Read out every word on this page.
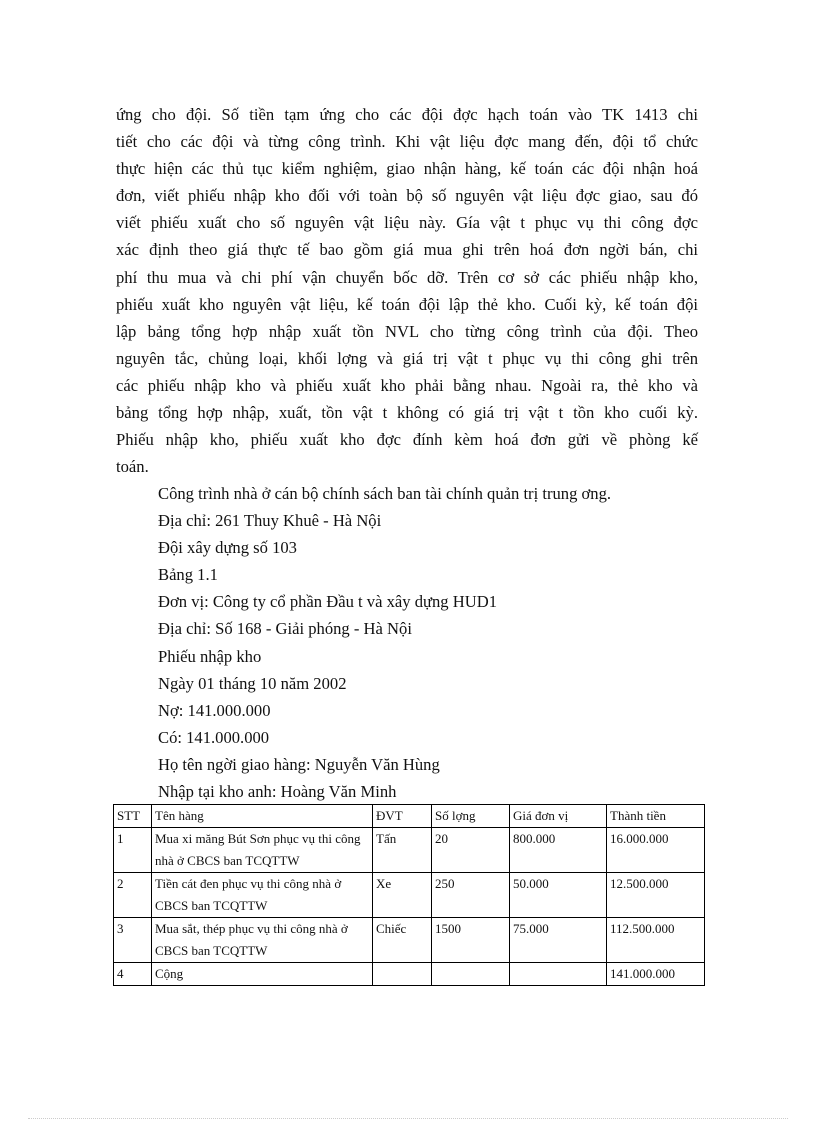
ứng cho đội. Số tiền tạm ứng cho các đội đợc hạch toán vào TK 1413 chi
tiết cho các đội và từng công trình. Khi vật liệu đợc mang đến, đội tổ chức
thực hiện các thủ tục kiểm nghiệm, giao nhận hàng, kế toán các đội nhận hoá
đơn, viết phiếu nhập kho đối với toàn bộ số nguyên vật liệu đợc giao, sau đó
viết phiếu xuất cho số nguyên vật liệu này. Gía vật t phục vụ thi công đợc
xác định theo giá thực tế bao gồm giá mua ghi trên hoá đơn ngời bán, chi
phí thu mua và chi phí vận chuyển bốc dỡ. Trên cơ sở các phiếu nhập kho,
phiếu xuất kho nguyên vật liệu, kế toán đội lập thẻ kho. Cuối kỳ, kế toán đội
lập bảng tổng hợp nhập xuất tồn NVL cho từng công trình của đội. Theo
nguyên tắc, chủng loại, khối lợng và giá trị vật t phục vụ thi công ghi trên
các phiếu nhập kho và phiếu xuất kho phải bằng nhau. Ngoài ra, thẻ kho và
bảng tổng hợp nhập, xuất, tồn vật t không có giá trị vật t tồn kho cuối kỳ.
Phiếu nhập kho, phiếu xuất kho đợc đính kèm hoá đơn gửi về phòng kế
toán.
Công trình nhà ở cán bộ chính sách ban tài chính quản trị trung ơng.
Địa chỉ: 261 Thuy Khuê - Hà Nội
Đội xây dựng số 103
Bảng 1.1
Đơn vị: Công ty cổ phần Đầu t và xây dựng HUD1
Địa chỉ: Số 168 - Giải phóng - Hà Nội
Phiếu nhập kho
Ngày 01 tháng 10 năm 2002
Nợ: 141.000.000
Có: 141.000.000
Họ tên ngời giao hàng: Nguyễn Văn Hùng
Nhập tại kho anh: Hoàng Văn Minh
STT	Tên hàng	ĐVT	Số lợng	Giá đơn vị	Thành tiền
1	Mua xi măng Bút Sơn phục vụ thi công nhà ở CBCS ban TCQTTW	Tấn	20	800.000	16.000.000
2	Tiền cát đen phục vụ thi công nhà ở CBCS ban TCQTTW	Xe	250	50.000	12.500.000
3	Mua sắt, thép phục vụ thi công nhà ở CBCS ban TCQTTW	Chiếc	1500	75.000	112.500.000
4	Cộng				141.000.000
